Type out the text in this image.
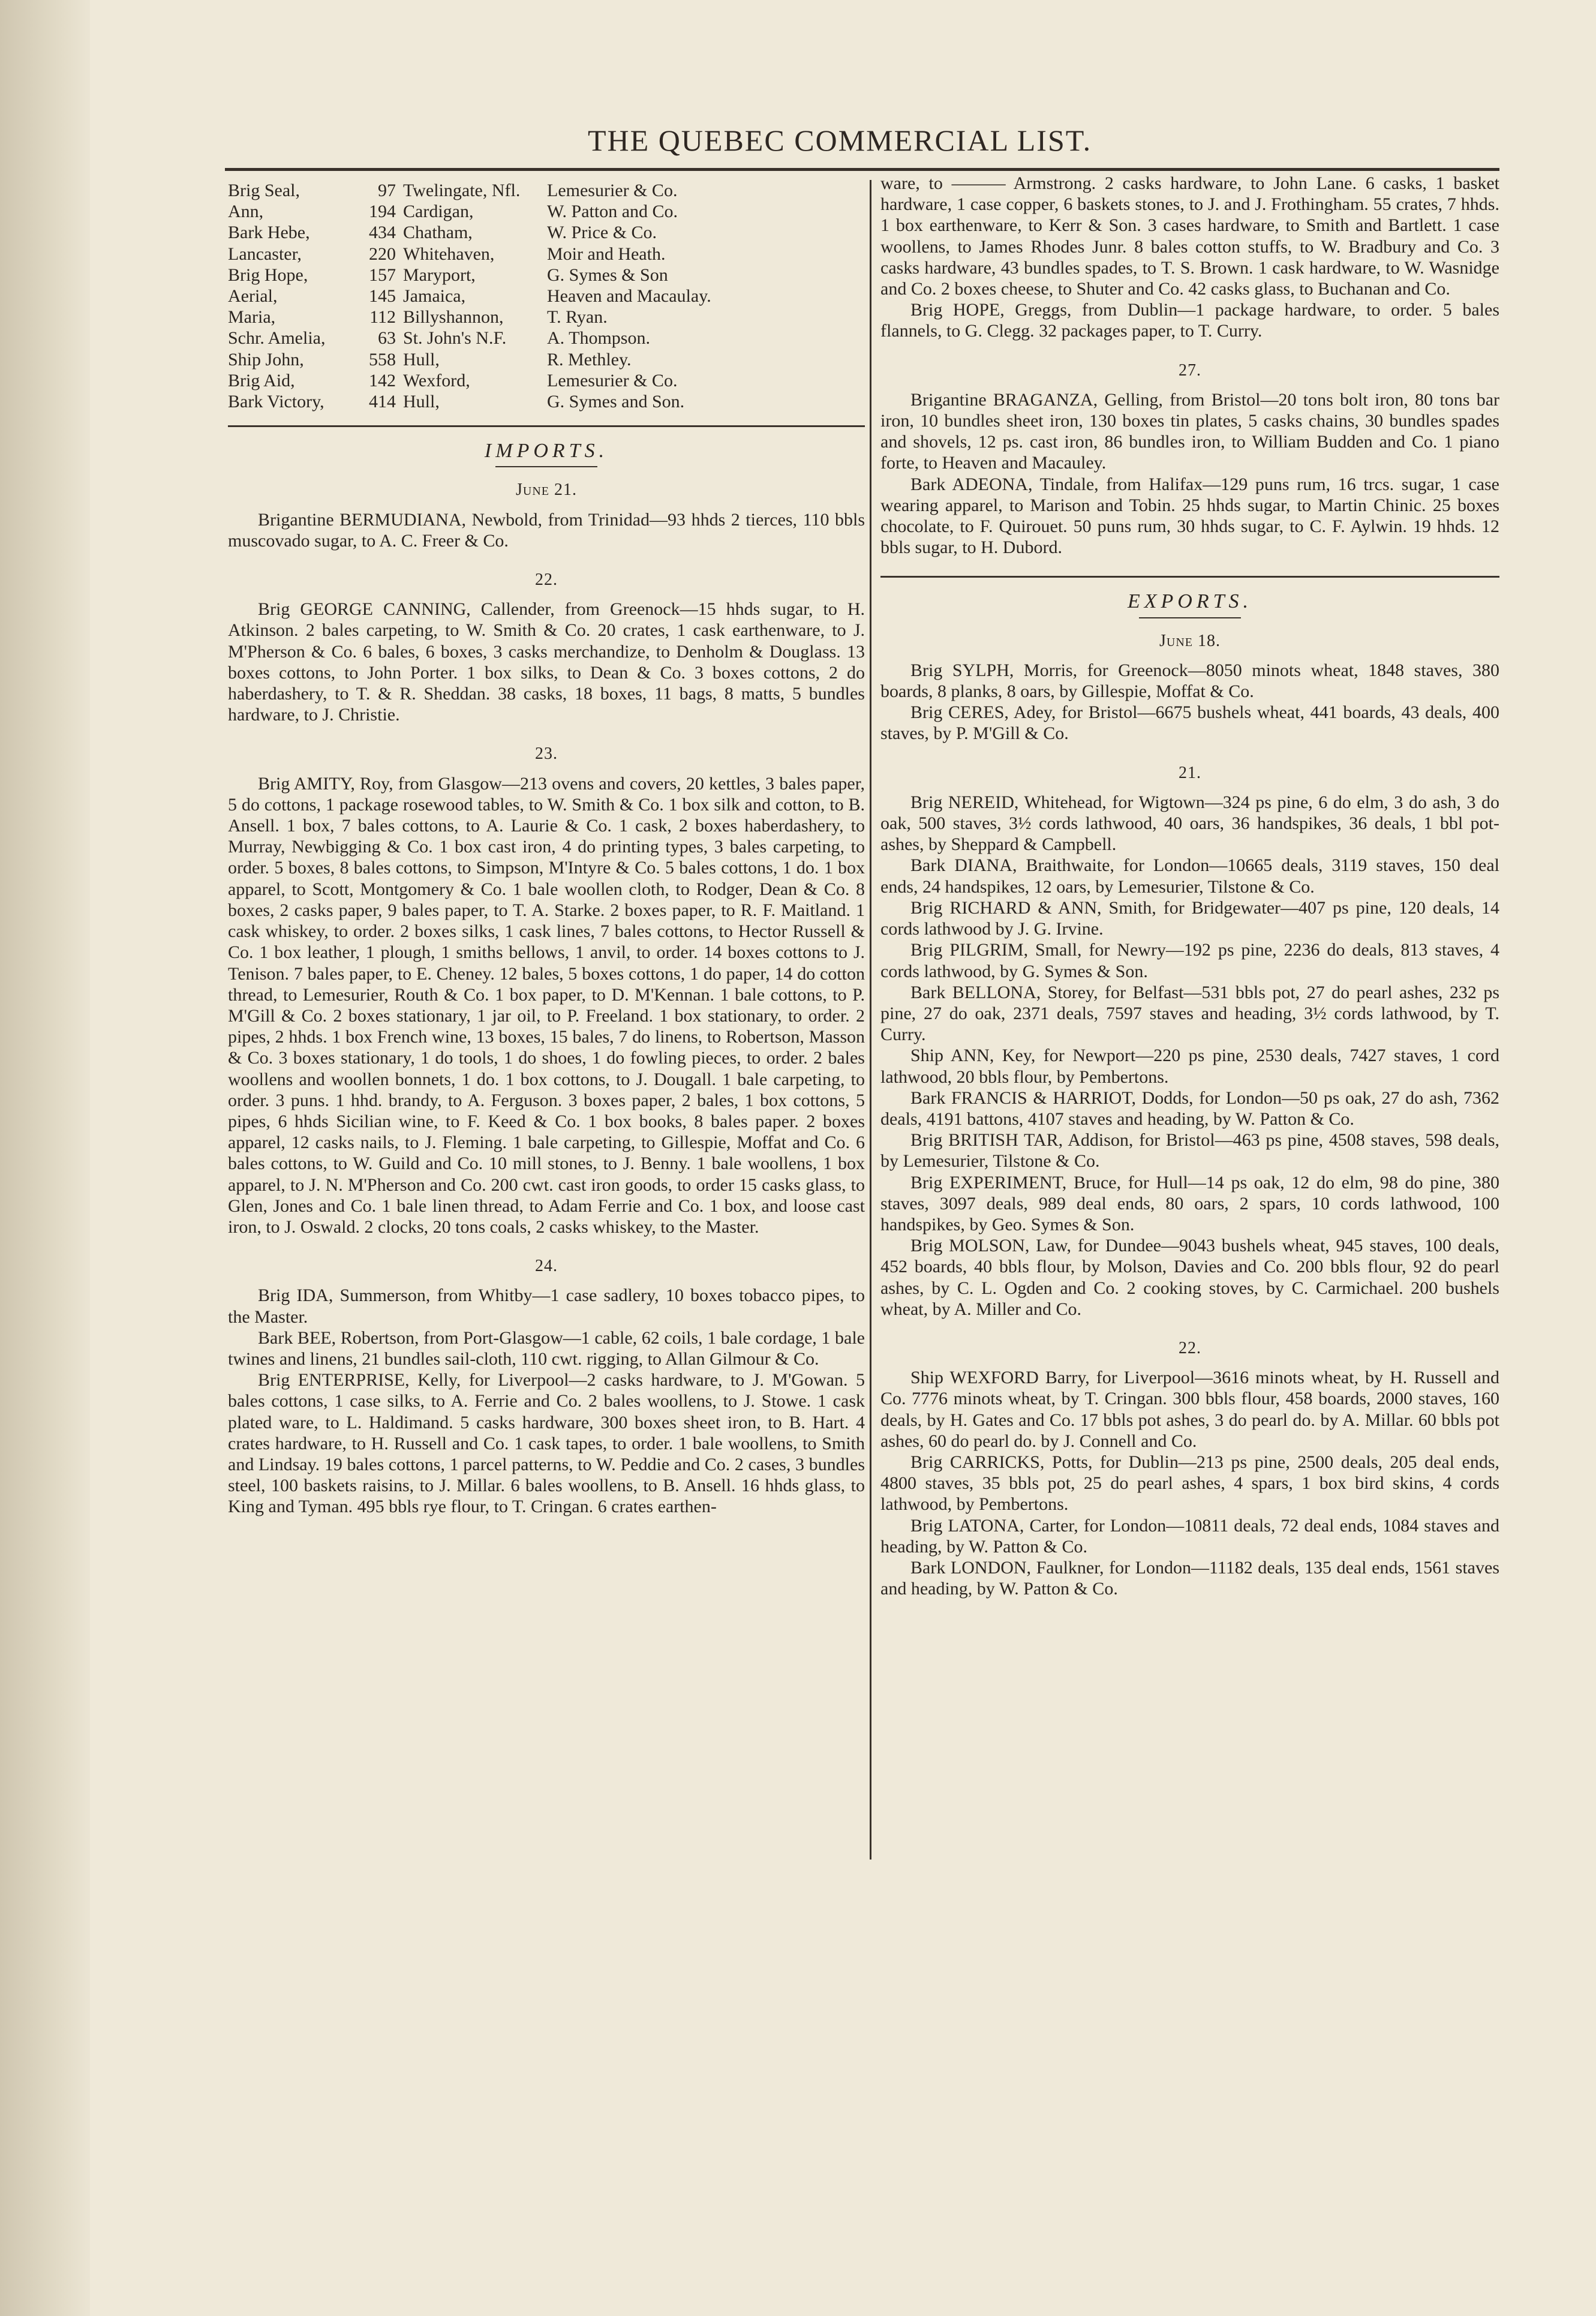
THE QUEBEC COMMERCIAL LIST.
Brig Seal,	97	Twelingate, Nfl.	Lemesurier & Co.
Ann,	194	Cardigan,	W. Patton and Co.
Bark Hebe,	434	Chatham,	W. Price & Co.
Lancaster,	220	Whitehaven,	Moir and Heath.
Brig Hope,	157	Maryport,	G. Symes & Son
Aerial,	145	Jamaica,	Heaven and Macaulay.
Maria,	112	Billyshannon,	T. Ryan.
Schr. Amelia,	63	St. John's N.F.	A. Thompson.
Ship John,	558	Hull,	R. Methley.
Brig Aid,	142	Wexford,	Lemesurier & Co.
Bark Victory,	414	Hull,	G. Symes and Son.
IMPORTS.
June 21.

Brigantine BERMUDIANA, Newbold, from Trinidad—93 hhds 2 tierces, 110 bbls muscovado sugar, to A. C. Freer & Co.

22.

Brig GEORGE CANNING, Callender, from Greenock—15 hhds sugar, to H. Atkinson. 2 bales carpeting, to W. Smith & Co. 20 crates, 1 cask earthenware, to J. M'Pherson & Co. 6 bales, 6 boxes, 3 casks merchandize, to Denholm & Douglass. 13 boxes cottons, to John Porter. 1 box silks, to Dean & Co. 3 boxes cottons, 2 do haberdashery, to T. & R. Sheddan. 38 casks, 18 boxes, 11 bags, 8 matts, 5 bundles hardware, to J. Christie.

23.

Brig AMITY, Roy, from Glasgow—213 ovens and covers, 20 kettles, 3 bales paper, 5 do cottons, 1 package rosewood tables, to W. Smith & Co. 1 box silk and cotton, to B. Ansell. 1 box, 7 bales cottons, to A. Laurie & Co. 1 cask, 2 boxes haberdashery, to Murray, Newbigging & Co. 1 box cast iron, 4 do printing types, 3 bales carpeting, to order. 5 boxes, 8 bales cottons, to Simpson, M'Intyre & Co. 5 bales cottons, 1 do. 1 box apparel, to Scott, Montgomery & Co. 1 bale woollen cloth, to Rodger, Dean & Co. 8 boxes, 2 casks paper, 9 bales paper, to T. A. Starke. 2 boxes paper, to R. F. Maitland. 1 cask whiskey, to order. 2 boxes silks, 1 cask lines, 7 bales cottons, to Hector Russell & Co. 1 box leather, 1 plough, 1 smiths bellows, 1 anvil, to order. 14 boxes cottons to J. Tenison. 7 bales paper, to E. Cheney. 12 bales, 5 boxes cottons, 1 do paper, 14 do cotton thread, to Lemesurier, Routh & Co. 1 box paper, to D. M'Kennan. 1 bale cottons, to P. M'Gill & Co. 2 boxes stationary, 1 jar oil, to P. Freeland. 1 box stationary, to order. 2 pipes, 2 hhds. 1 box French wine, 13 boxes, 15 bales, 7 do linens, to Robertson, Masson & Co. 3 boxes stationary, 1 do tools, 1 do shoes, 1 do fowling pieces, to order. 2 bales woollens and woollen bonnets, 1 do. 1 box cottons, to J. Dougall. 1 bale carpeting, to order. 3 puns. 1 hhd. brandy, to A. Ferguson. 3 boxes paper, 2 bales, 1 box cottons, 5 pipes, 6 hhds Sicilian wine, to F. Keed & Co. 1 box books, 8 bales paper. 2 boxes apparel, 12 casks nails, to J. Fleming. 1 bale carpeting, to Gillespie, Moffat and Co. 6 bales cottons, to W. Guild and Co. 10 mill stones, to J. Benny. 1 bale woollens, 1 box apparel, to J. N. M'Pherson and Co. 200 cwt. cast iron goods, to order 15 casks glass, to Glen, Jones and Co. 1 bale linen thread, to Adam Ferrie and Co. 1 box, and loose cast iron, to J. Oswald. 2 clocks, 20 tons coals, 2 casks whiskey, to the Master.

24.

Brig IDA, Summerson, from Whitby—1 case sadlery, 10 boxes tobacco pipes, to the Master.

Bark BEE, Robertson, from Port-Glasgow—1 cable, 62 coils, 1 bale cordage, 1 bale twines and linens, 21 bundles sail-cloth, 110 cwt. rigging, to Allan Gilmour & Co.

Brig ENTERPRISE, Kelly, for Liverpool—2 casks hardware, to J. M'Gowan. 5 bales cottons, 1 case silks, to A. Ferrie and Co. 2 bales woollens, to J. Stowe. 1 cask plated ware, to L. Haldimand. 5 casks hardware, 300 boxes sheet iron, to B. Hart. 4 crates hardware, to H. Russell and Co. 1 cask tapes, to order. 1 bale woollens, to Smith and Lindsay. 19 bales cottons, 1 parcel patterns, to W. Peddie and Co. 2 cases, 3 bundles steel, 100 baskets raisins, to J. Millar. 6 bales woollens, to B. Ansell. 16 hhds glass, to King and Tyman. 495 bbls rye flour, to T. Cringan. 6 crates earthen-

ware, to ——— Armstrong. 2 casks hardware, to John Lane. 6 casks, 1 basket hardware, 1 case copper, 6 baskets stones, to J. and J. Frothingham. 55 crates, 7 hhds. 1 box earthenware, to Kerr & Son. 3 cases hardware, to Smith and Bartlett. 1 case woollens, to James Rhodes Junr. 8 bales cotton stuffs, to W. Bradbury and Co. 3 casks hardware, 43 bundles spades, to T. S. Brown. 1 cask hardware, to W. Wasnidge and Co. 2 boxes cheese, to Shuter and Co. 42 casks glass, to Buchanan and Co.

Brig HOPE, Greggs, from Dublin—1 package hardware, to order. 5 bales flannels, to G. Clegg. 32 packages paper, to T. Curry.

27.

Brigantine BRAGANZA, Gelling, from Bristol—20 tons bolt iron, 80 tons bar iron, 10 bundles sheet iron, 130 boxes tin plates, 5 casks chains, 30 bundles spades and shovels, 12 ps. cast iron, 86 bundles iron, to William Budden and Co. 1 piano forte, to Heaven and Macauley.

Bark ADEONA, Tindale, from Halifax—129 puns rum, 16 trcs. sugar, 1 case wearing apparel, to Marison and Tobin. 25 hhds sugar, to Martin Chinic. 25 boxes chocolate, to F. Quirouet. 50 puns rum, 30 hhds sugar, to C. F. Aylwin. 19 hhds. 12 bbls sugar, to H. Dubord.

EXPORTS.
June 18.

Brig SYLPH, Morris, for Greenock—8050 minots wheat, 1848 staves, 380 boards, 8 planks, 8 oars, by Gillespie, Moffat & Co.

Brig CERES, Adey, for Bristol—6675 bushels wheat, 441 boards, 43 deals, 400 staves, by P. M'Gill & Co.

21.

Brig NEREID, Whitehead, for Wigtown—324 ps pine, 6 do elm, 3 do ash, 3 do oak, 500 staves, 3½ cords lathwood, 40 oars, 36 handspikes, 36 deals, 1 bbl pot-ashes, by Sheppard & Campbell.

Bark DIANA, Braithwaite, for London—10665 deals, 3119 staves, 150 deal ends, 24 handspikes, 12 oars, by Lemesurier, Tilstone & Co.

Brig RICHARD & ANN, Smith, for Bridgewater—407 ps pine, 120 deals, 14 cords lathwood by J. G. Irvine.

Brig PILGRIM, Small, for Newry—192 ps pine, 2236 do deals, 813 staves, 4 cords lathwood, by G. Symes & Son.

Bark BELLONA, Storey, for Belfast—531 bbls pot, 27 do pearl ashes, 232 ps pine, 27 do oak, 2371 deals, 7597 staves and heading, 3½ cords lathwood, by T. Curry.

Ship ANN, Key, for Newport—220 ps pine, 2530 deals, 7427 staves, 1 cord lathwood, 20 bbls flour, by Pembertons.

Bark FRANCIS & HARRIOT, Dodds, for London—50 ps oak, 27 do ash, 7362 deals, 4191 battons, 4107 staves and heading, by W. Patton & Co.

Brig BRITISH TAR, Addison, for Bristol—463 ps pine, 4508 staves, 598 deals, by Lemesurier, Tilstone & Co.

Brig EXPERIMENT, Bruce, for Hull—14 ps oak, 12 do elm, 98 do pine, 380 staves, 3097 deals, 989 deal ends, 80 oars, 2 spars, 10 cords lathwood, 100 handspikes, by Geo. Symes & Son.

Brig MOLSON, Law, for Dundee—9043 bushels wheat, 945 staves, 100 deals, 452 boards, 40 bbls flour, by Molson, Davies and Co. 200 bbls flour, 92 do pearl ashes, by C. L. Ogden and Co. 2 cooking stoves, by C. Carmichael. 200 bushels wheat, by A. Miller and Co.

22.

Ship WEXFORD Barry, for Liverpool—3616 minots wheat, by H. Russell and Co. 7776 minots wheat, by T. Cringan. 300 bbls flour, 458 boards, 2000 staves, 160 deals, by H. Gates and Co. 17 bbls pot ashes, 3 do pearl do. by A. Millar. 60 bbls pot ashes, 60 do pearl do. by J. Connell and Co.

Brig CARRICKS, Potts, for Dublin—213 ps pine, 2500 deals, 205 deal ends, 4800 staves, 35 bbls pot, 25 do pearl ashes, 4 spars, 1 box bird skins, 4 cords lathwood, by Pembertons.

Brig LATONA, Carter, for London—10811 deals, 72 deal ends, 1084 staves and heading, by W. Patton & Co.

Bark LONDON, Faulkner, for London—11182 deals, 135 deal ends, 1561 staves and heading, by W. Patton & Co.
